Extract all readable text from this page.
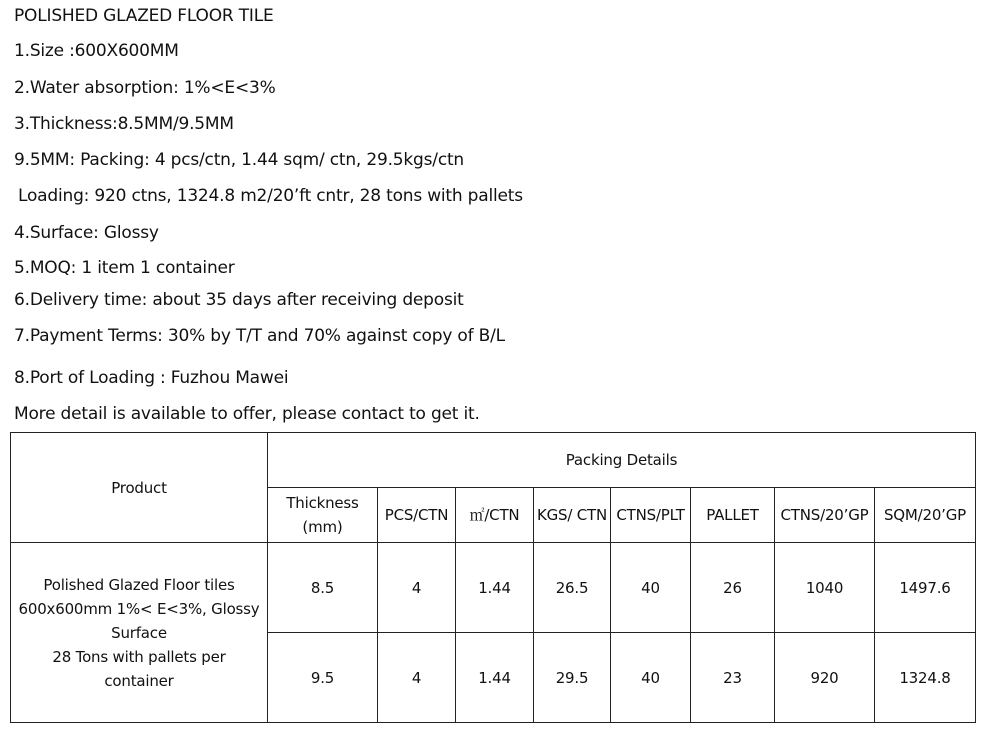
POLISHED GLAZED FLOOR TILE
1.Size :600X600MM
2.Water absorption: 1%<E<3%
3.Thickness:8.5MM/9.5MM
9.5MM: Packing: 4 pcs/ctn, 1.44 sqm/ ctn, 29.5kgs/ctn
Loading: 920 ctns, 1324.8 m2/20’ft cntr, 28 tons with pallets
4.Surface: Glossy
5.MOQ: 1 item 1 container
6.Delivery time: about 35 days after receiving deposit
7.Payment Terms: 30% by T/T and 70% against copy of B/L
8.Port of Loading : Fuzhou Mawei
More detail is available to offer, please contact to get it.
Product	Packing Details							
	Thickness (mm)	PCS/CTN	㎡/CTN	KGS/ CTN	CTNS/PLT	PALLET	CTNS/20’GP	SQM/20’GP

Polished Glazed Floor tiles
600x600mm 1%< E<3%, Glossy
Surface
28 Tons with pallets per
container	8.5	4	1.44	26.5	40	26	1040	1497.6
	9.5	4	1.44	29.5	40	23	920	1324.8
